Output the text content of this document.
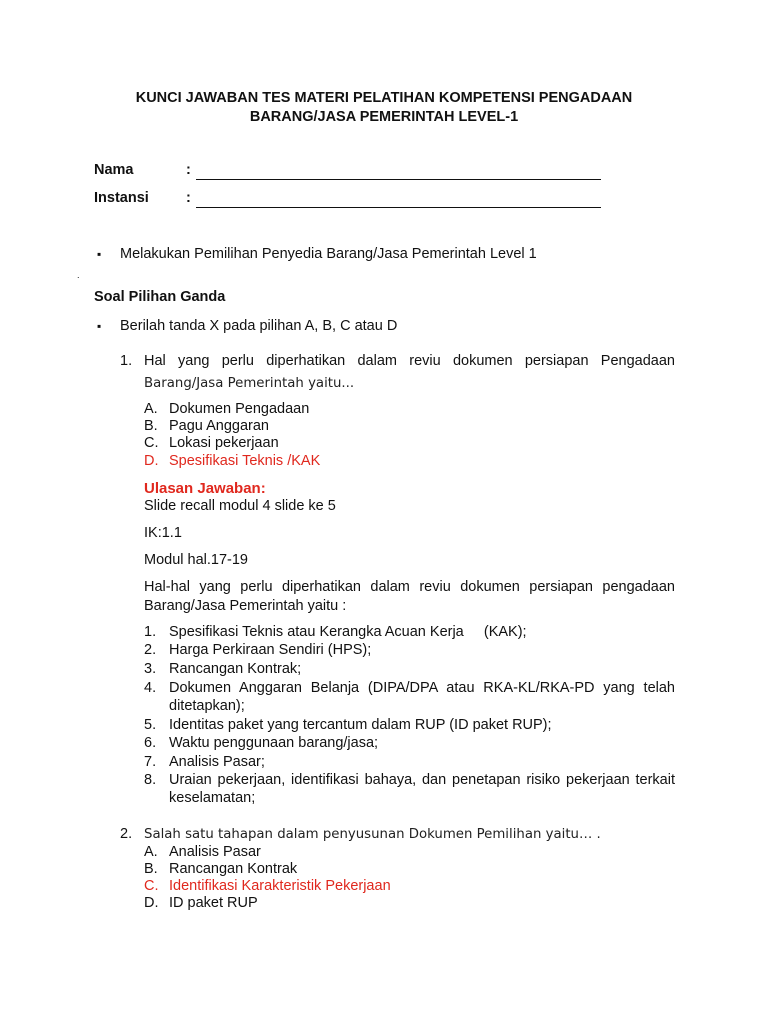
KUNCI JAWABAN TES MATERI PELATIHAN KOMPETENSI PENGADAAN
BARANG/JASA PEMERINTAH LEVEL-1
Nama	:
Instansi	:
▪ Melakukan Pemilihan Penyedia Barang/Jasa Pemerintah Level 1
.
Soal Pilihan Ganda
▪ Berilah tanda X pada pilihan A, B, C atau D
1. Hal yang perlu diperhatikan dalam reviu dokumen persiapan Pengadaan
Barang/Jasa Pemerintah yaitu...
A. Dokumen Pengadaan
B. Pagu Anggaran
C. Lokasi pekerjaan
D. Spesifikasi Teknis /KAK
Ulasan Jawaban:
Slide recall modul 4 slide ke 5
IK:1.1
Modul hal.17-19
Hal-hal yang perlu diperhatikan dalam reviu dokumen persiapan pengadaan
Barang/Jasa Pemerintah yaitu :
1. Spesifikasi Teknis atau Kerangka Acuan Kerja     (KAK);
2. Harga Perkiraan Sendiri (HPS);
3. Rancangan Kontrak;
4. Dokumen Anggaran Belanja (DIPA/DPA atau RKA-KL/RKA-PD yang telah
ditetapkan);
5. Identitas paket yang tercantum dalam RUP (ID paket RUP);
6. Waktu penggunaan barang/jasa;
7. Analisis Pasar;
8. Uraian pekerjaan, identifikasi bahaya, dan penetapan risiko pekerjaan terkait
keselamatan;
2. Salah satu tahapan dalam penyusunan Dokumen Pemilihan yaitu… .
A. Analisis Pasar
B. Rancangan Kontrak
C. Identifikasi Karakteristik Pekerjaan
D. ID paket RUP
